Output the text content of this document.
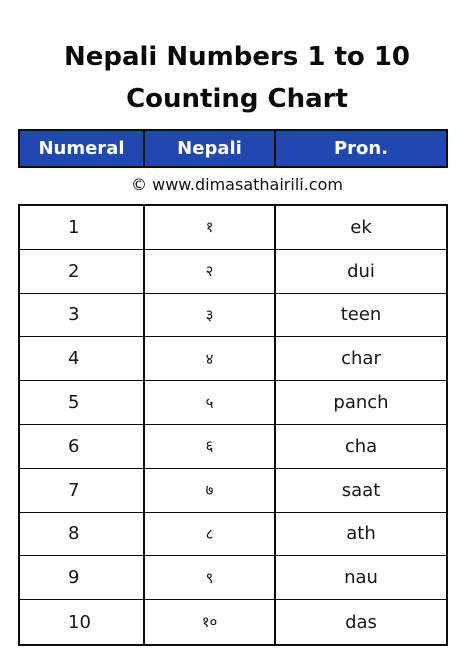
Nepali Numbers 1 to 10
Counting Chart
Numeral	Nepali	Pron.
© www.dimasathairili.com
1	१	ek
2	२	dui
3	३	teen
4	४	char
5	५	panch
6	६	cha
7	७	saat
8	८	ath
9	९	nau
10	१०	das
